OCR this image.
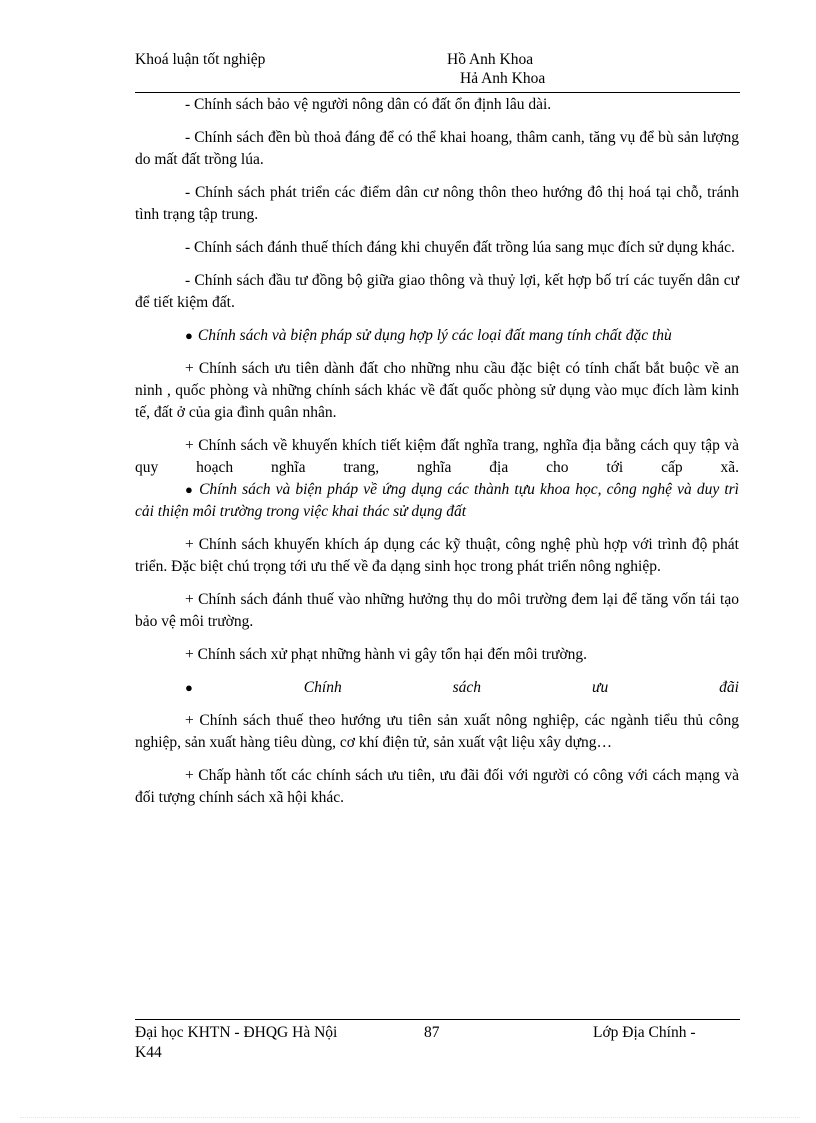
Khoá luận tốt nghiệp	Hồ Anh Khoa
Hả Anh Khoa

- Chính sách bảo vệ người nông dân có đất ổn định lâu dài.

- Chính sách đền bù thoả đáng để có thể khai hoang, thâm canh, tăng vụ để bù sản lượng do mất đất trồng lúa.

- Chính sách phát triển các điểm dân cư nông thôn theo hướng đô thị hoá tại chỗ, tránh tình trạng tập trung.

- Chính sách đánh thuế thích đáng khi chuyển đất trồng lúa sang mục đích sử dụng khác.

- Chính sách đầu tư đồng bộ giữa giao thông và thuỷ lợi, kết hợp bố trí các tuyến dân cư để tiết kiệm đất.

● Chính sách và biện pháp sử dụng hợp lý các loại đất mang tính chất đặc thù

+ Chính sách ưu tiên dành đất cho những nhu cầu đặc biệt có tính chất bắt buộc về an ninh , quốc phòng và những chính sách khác về đất quốc phòng sử dụng vào mục đích làm kinh tế, đất ở của gia đình quân nhân.

+ Chính sách về khuyến khích tiết kiệm đất nghĩa trang, nghĩa địa bằng cách quy tập và quy hoạch nghĩa trang, nghĩa địa cho tới cấp xã.

● Chính sách và biện pháp về ứng dụng các thành tựu khoa học, công nghệ và duy trì cải thiện môi trường trong việc khai thác sử dụng đất

+ Chính sách khuyến khích áp dụng các kỹ thuật, công nghệ phù hợp với trình độ phát triển. Đặc biệt chú trọng tới ưu thế về đa dạng sinh học trong phát triển nông nghiệp.

+ Chính sách đánh thuế vào những hưởng thụ do môi trường đem lại để tăng vốn tái tạo bảo vệ môi trường.

+ Chính sách xử phạt những hành vi gây tổn hại đến môi trường.

●	Chính	sách	ưu	đãi

+ Chính sách thuế theo hướng ưu tiên sản xuất nông nghiệp, các ngành tiểu thủ công nghiệp, sản xuất hàng tiêu dùng, cơ khí điện tử, sản xuất vật liệu xây dựng…

+ Chấp hành tốt các chính sách ưu tiên, ưu đãi đối với người có công với cách mạng và đối tượng chính sách xã hội khác.

Đại học KHTN - ĐHQG Hà Nội	87	Lớp Địa Chính -
K44
